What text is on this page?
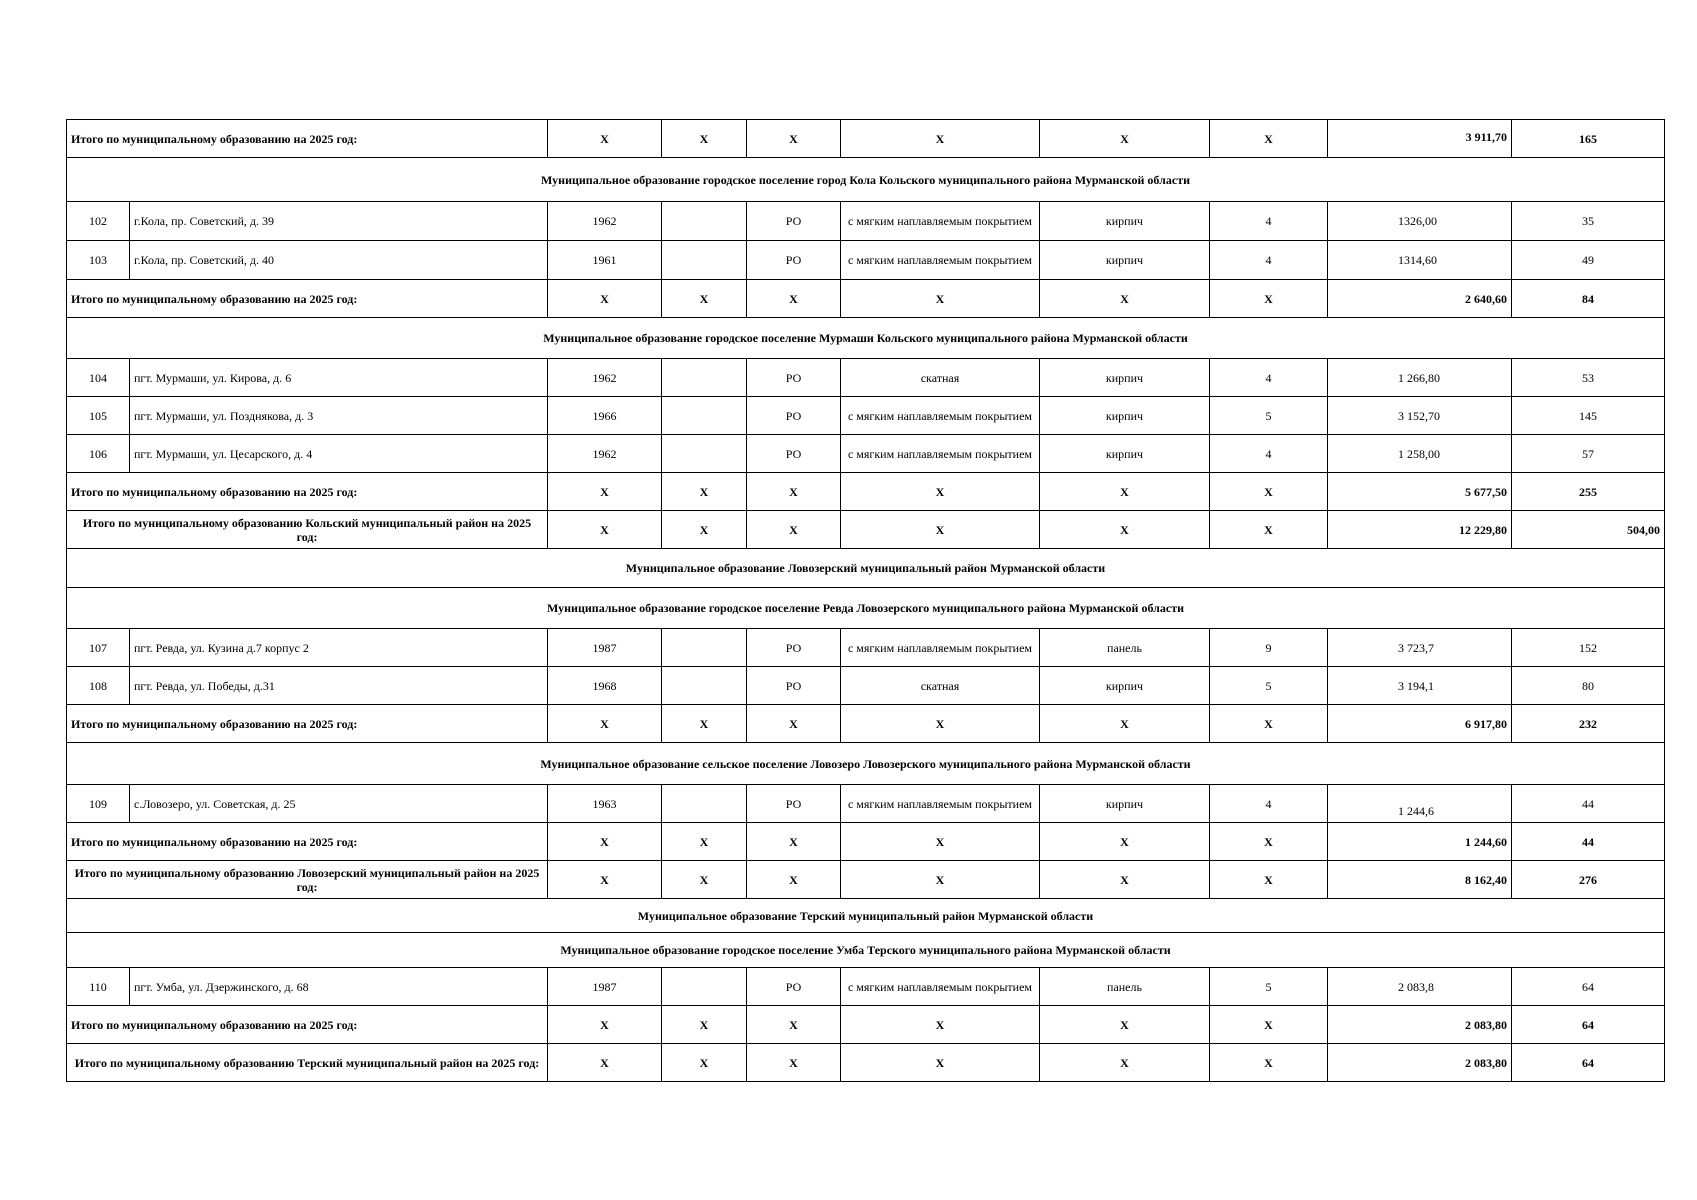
Итого по муниципальному образованию на 2025 год:		X	X	X	X	X	X	3 911,70	165
Муниципальное образование городское поселение город Кола Кольского муниципального района Мурманской области									
102	г.Кола, пр. Советский, д. 39	1962		РО	с мягким наплавляемым покрытием	кирпич	4	1326,00	35
103	г.Кола, пр. Советский, д. 40	1961		РО	с мягким наплавляемым покрытием	кирпич	4	1314,60	49
Итого по муниципальному образованию на 2025 год:		X	X	X	X	X	X	2 640,60	84
Муниципальное образование городское поселение Мурмаши Кольского муниципального района Мурманской области									
104	пгт. Мурмаши, ул. Кирова, д. 6	1962		РО	скатная	кирпич	4	1 266,80	53
105	пгт. Мурмаши, ул. Позднякова, д. 3	1966		РО	с мягким наплавляемым покрытием	кирпич	5	3 152,70	145
106	пгт. Мурмаши, ул. Цесарского, д. 4	1962		РО	с мягким наплавляемым покрытием	кирпич	4	1 258,00	57
Итого по муниципальному образованию на 2025 год:		X	X	X	X	X	X	5 677,50	255
Итого по муниципальному образованию Кольский муниципальный район на 2025 год:		X	X	X	X	X	X	12 229,80	504,00
Муниципальное образование Ловозерский муниципальный район Мурманской области									
Муниципальное образование городское поселение Ревда Ловозерского муниципального района Мурманской области									
107	пгт. Ревда, ул. Кузина д.7 корпус 2	1987		РО	с мягким наплавляемым покрытием	панель	9	3 723,7	152
108	пгт. Ревда, ул. Победы, д.31	1968		РО	скатная	кирпич	5	3 194,1	80
Итого по муниципальному образованию на 2025 год:		X	X	X	X	X	X	6 917,80	232
Муниципальное образование сельское поселение Ловозеро Ловозерского муниципального района Мурманской области									
109	с.Ловозеро, ул. Советская, д. 25	1963		РО	с мягким наплавляемым покрытием	кирпич	4	1 244,6	44
Итого по муниципальному образованию на 2025 год:		X	X	X	X	X	X	1 244,60	44
Итого по муниципальному образованию Ловозерский муниципальный район на 2025 год:		X	X	X	X	X	X	8 162,40	276
Муниципальное образование Терский муниципальный район Мурманской области									
Муниципальное образование городское поселение Умба Терского муниципального района Мурманской области									
110	пгт. Умба, ул. Дзержинского, д. 68	1987		РО	с мягким наплавляемым покрытием	панель	5	2 083,8	64
Итого по муниципальному образованию на 2025 год:		X	X	X	X	X	X	2 083,80	64
Итого по муниципальному образованию Терский муниципальный район на 2025 год:		X	X	X	X	X	X	2 083,80	64
